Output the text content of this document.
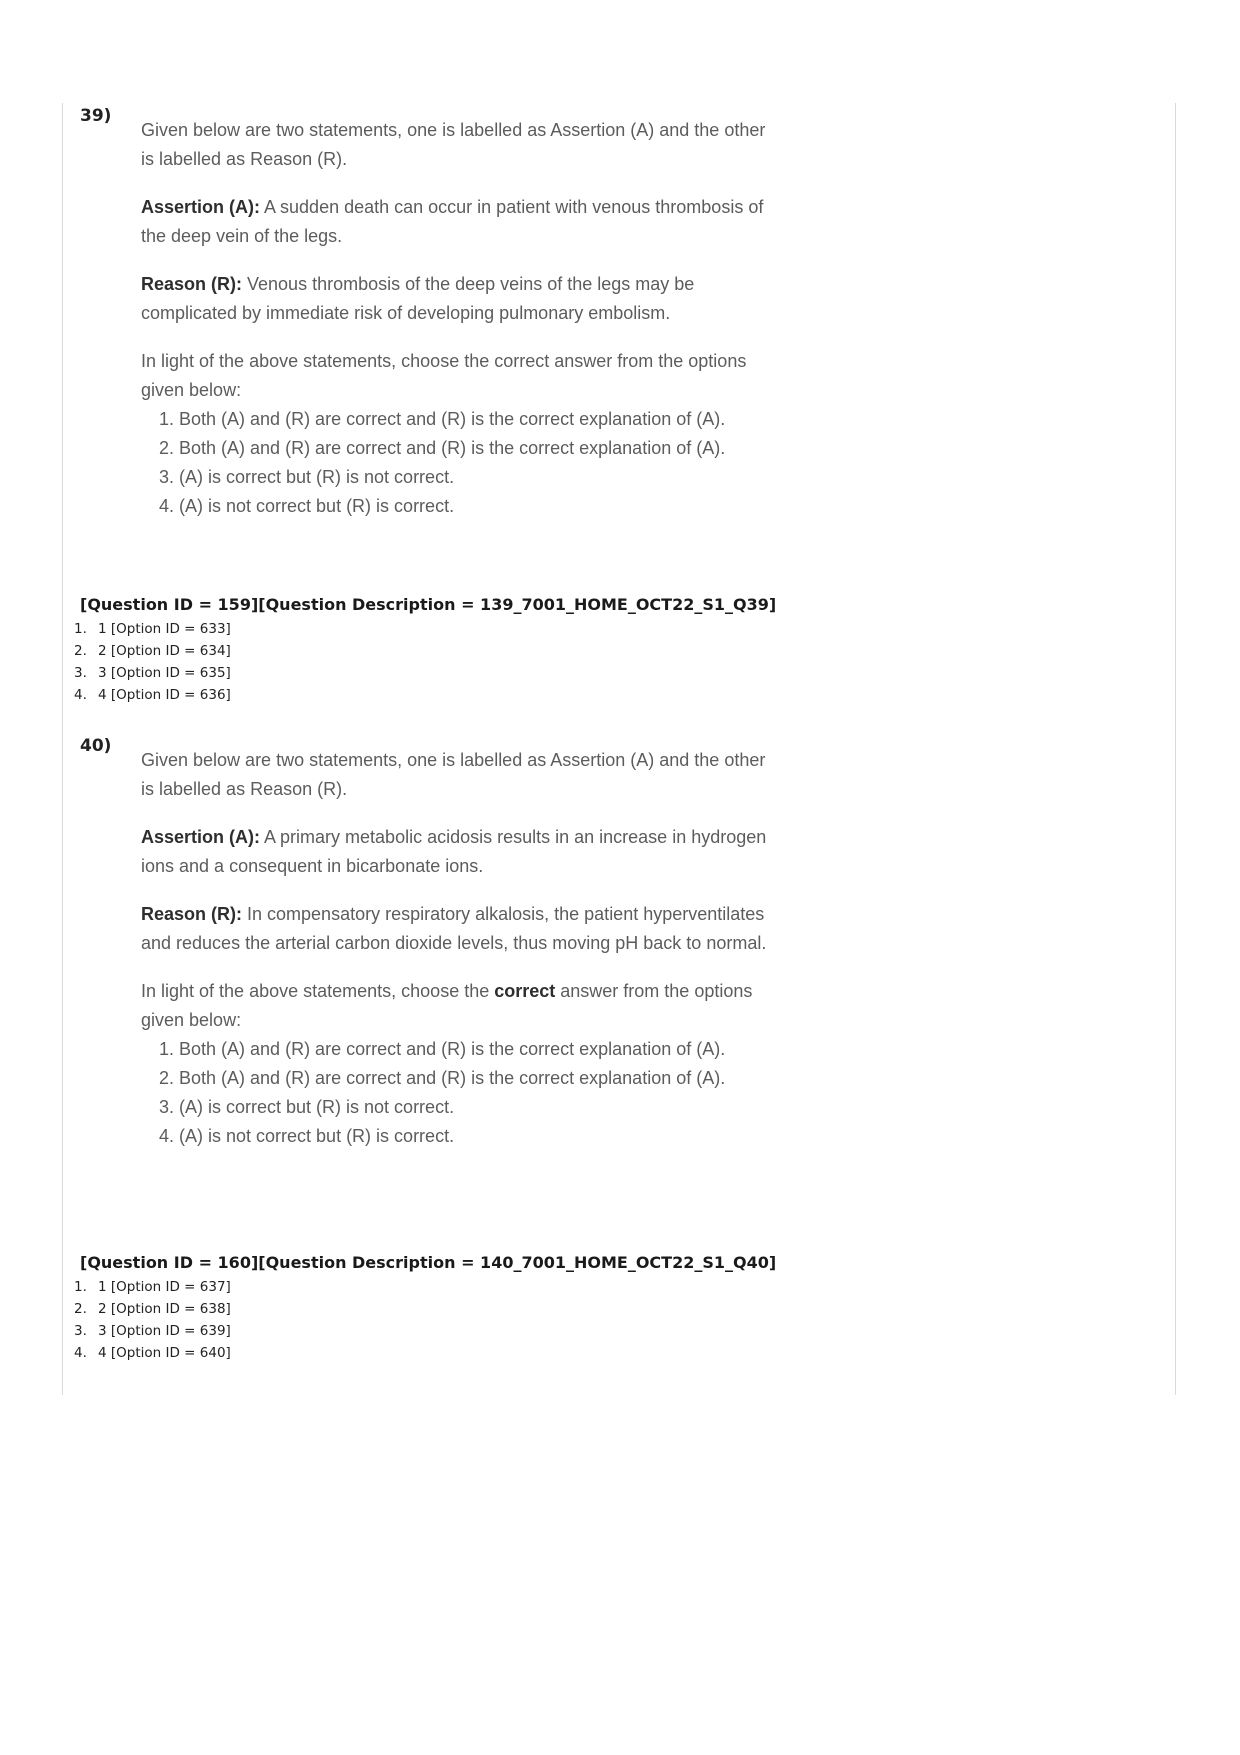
39)

Given below are two statements, one is labelled as Assertion (A) and the other is labelled as Reason (R).

Assertion (A): A sudden death can occur in patient with venous thrombosis of the deep vein of the legs.

Reason (R): Venous thrombosis of the deep veins of the legs may be complicated by immediate risk of developing pulmonary embolism.

In light of the above statements, choose the correct answer from the options given below:
1. Both (A) and (R) are correct and (R) is the correct explanation of (A).
2. Both (A) and (R) are correct and (R) is the correct explanation of (A).
3. (A) is correct but (R) is not correct.
4. (A) is not correct but (R) is correct.
[Question ID = 159][Question Description = 139_7001_HOME_OCT22_S1_Q39]
1. 1 [Option ID = 633]
2. 2 [Option ID = 634]
3. 3 [Option ID = 635]
4. 4 [Option ID = 636]
40)

Given below are two statements, one is labelled as Assertion (A) and the other is labelled as Reason (R).

Assertion (A): A primary metabolic acidosis results in an increase in hydrogen ions and a consequent in bicarbonate ions.

Reason (R): In compensatory respiratory alkalosis, the patient hyperventilates and reduces the arterial carbon dioxide levels, thus moving pH back to normal.

In light of the above statements, choose the correct answer from the options given below:
1. Both (A) and (R) are correct and (R) is the correct explanation of (A).
2. Both (A) and (R) are correct and (R) is the correct explanation of (A).
3. (A) is correct but (R) is not correct.
4. (A) is not correct but (R) is correct.
[Question ID = 160][Question Description = 140_7001_HOME_OCT22_S1_Q40]
1. 1 [Option ID = 637]
2. 2 [Option ID = 638]
3. 3 [Option ID = 639]
4. 4 [Option ID = 640]
